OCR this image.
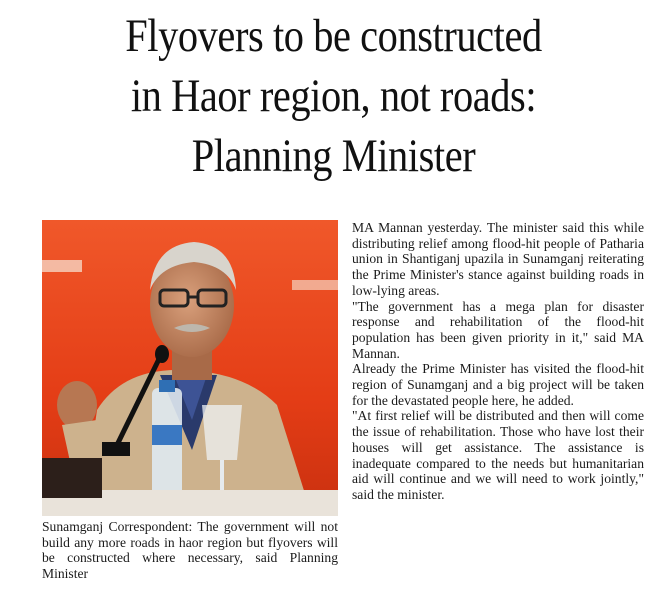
Flyovers to be constructed
in Haor region, not roads:
Planning Minister

Sunamganj Correspondent: The government will not build any more roads in haor region but flyovers will be constructed where necessary, said Planning Minister

MA Mannan yesterday. The minister said this while distributing relief among flood-hit people of Patharia union in Shantiganj upazila in Sunamganj reiterating the Prime Minister's stance against building roads in low-lying areas.

"The government has a mega plan for disaster response and rehabilitation of the flood-hit population has been given priority in it," said MA Mannan.

Already the Prime Minister has visited the flood-hit region of Sunamganj and a big project will be taken for the devastated people here, he added.

"At first relief will be distributed and then will come the issue of rehabilitation. Those who have lost their houses will get assistance. The assistance is inadequate compared to the needs but humanitarian aid will continue and we will need to work jointly," said the minister.
